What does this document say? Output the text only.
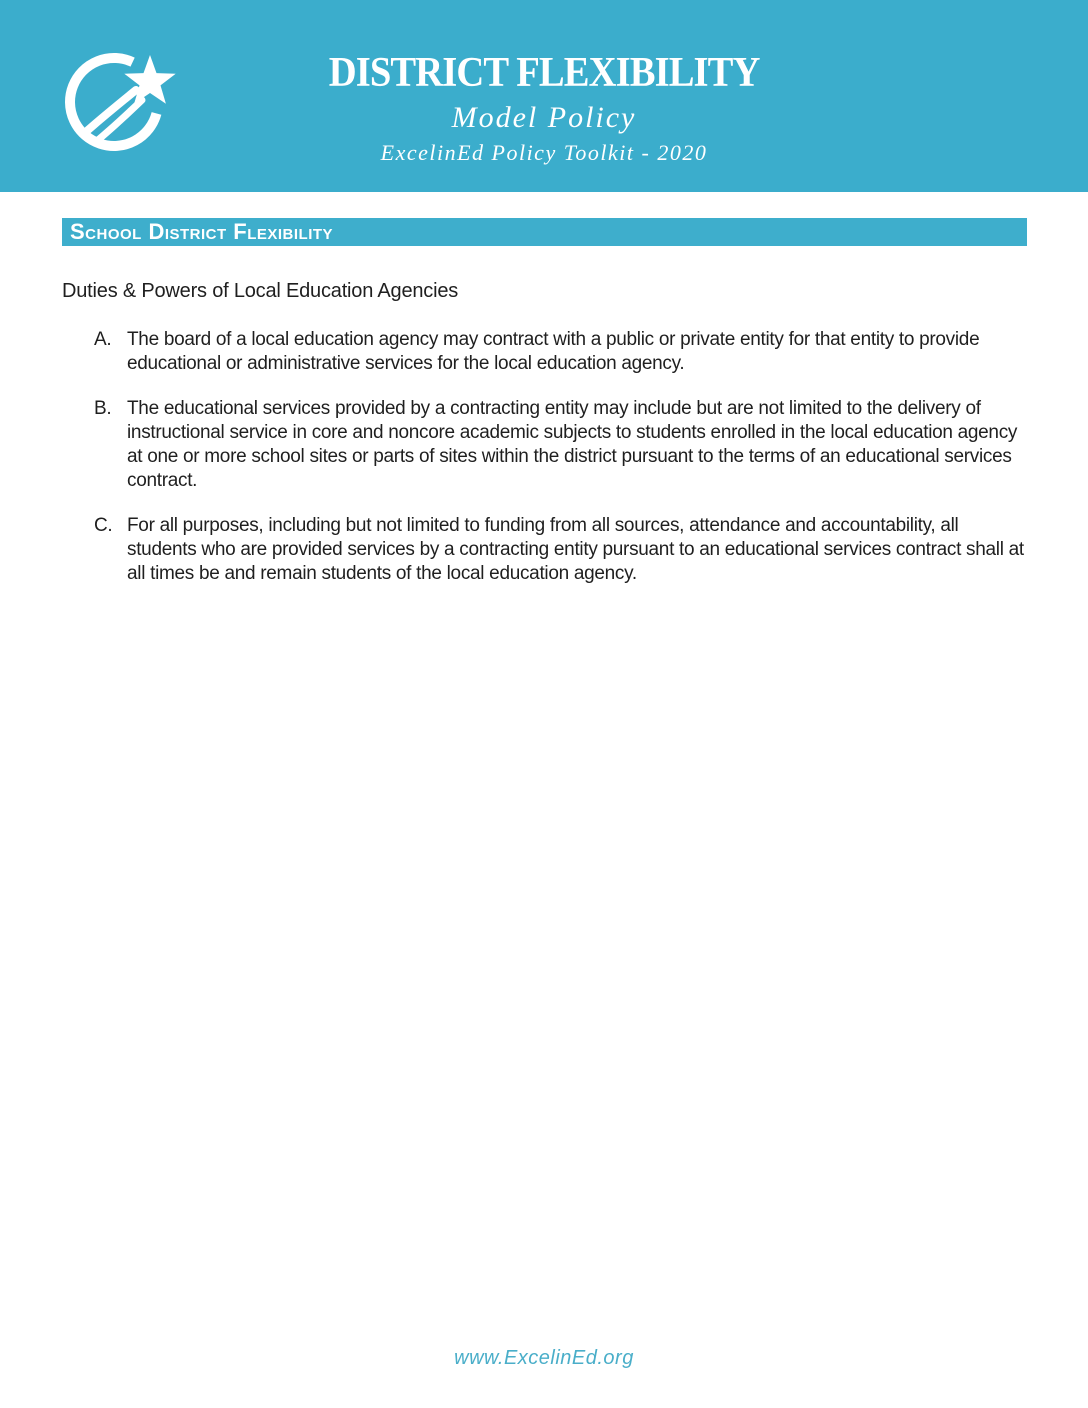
DISTRICT FLEXIBILITY
Model Policy
ExcelinEd Policy Toolkit - 2020
School District Flexibility
Duties & Powers of Local Education Agencies
A. The board of a local education agency may contract with a public or private entity for that entity to provide educational or administrative services for the local education agency.
B. The educational services provided by a contracting entity may include but are not limited to the delivery of instructional service in core and noncore academic subjects to students enrolled in the local education agency at one or more school sites or parts of sites within the district pursuant to the terms of an educational services contract.
C. For all purposes, including but not limited to funding from all sources, attendance and accountability, all students who are provided services by a contracting entity pursuant to an educational services contract shall at all times be and remain students of the local education agency.
www.ExcelinEd.org
